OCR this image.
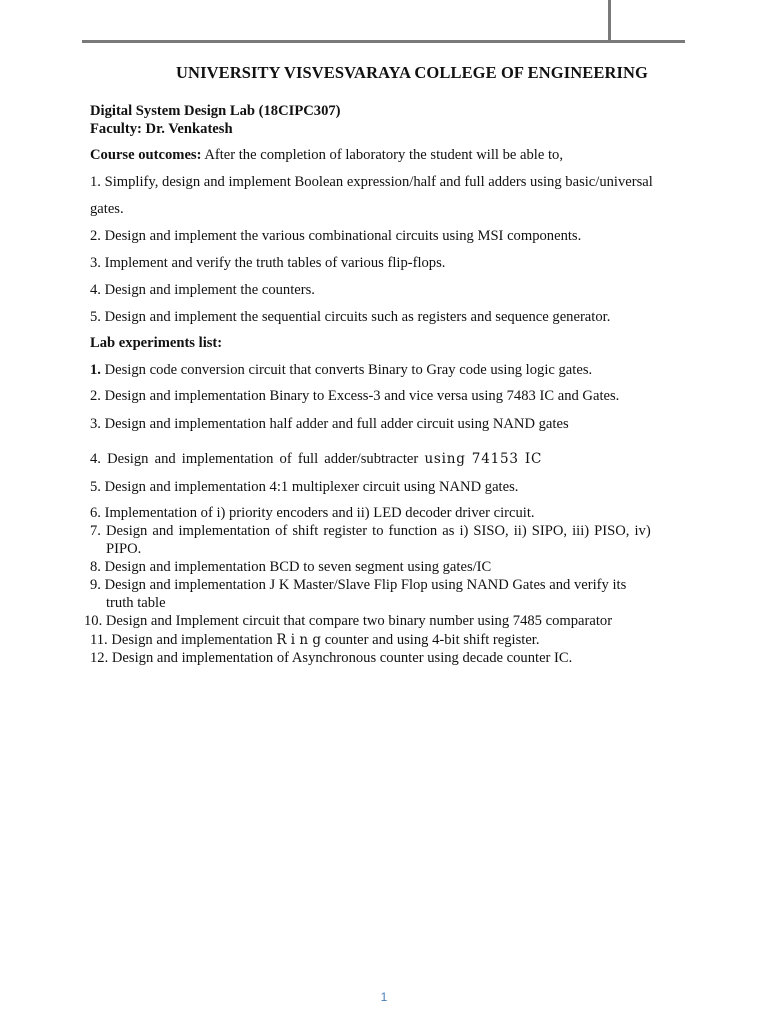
UNIVERSITY VISVESVARAYA COLLEGE OF ENGINEERING
Digital System Design Lab (18CIPC307)
Faculty: Dr. Venkatesh
Course outcomes: After the completion of laboratory the student will be able to,
1. Simplify, design and implement Boolean expression/half and full adders using basic/universal
gates.
2. Design and implement the various combinational circuits using MSI components.
3. Implement and verify the truth tables of various flip-flops.
4. Design and implement the counters.
5. Design and implement the sequential circuits such as registers and sequence generator.
Lab experiments list:
1. Design code conversion circuit that converts Binary to Gray code using logic gates.
2. Design and implementation Binary to Excess-3 and vice versa using 7483 IC and Gates.
3. Design and implementation half adder and full adder circuit using NAND gates
4. Design and implementation of full adder/subtracter using 74153 IC
5. Design and implementation 4:1 multiplexer circuit using NAND gates.
6. Implementation of i) priority encoders and ii) LED decoder driver circuit.
7. Design and implementation of shift register to function as i) SISO, ii) SIPO, iii) PISO, iv)
PIPO.
8. Design and implementation BCD to seven segment using gates/IC
9. Design and implementation J K Master/Slave Flip Flop using NAND Gates and verify its
truth table
10. Design and Implement circuit that compare two binary number using 7485 comparator
11. Design and implementation R i n g counter and using 4-bit shift register.
12. Design and implementation of Asynchronous counter using decade counter IC.
1
